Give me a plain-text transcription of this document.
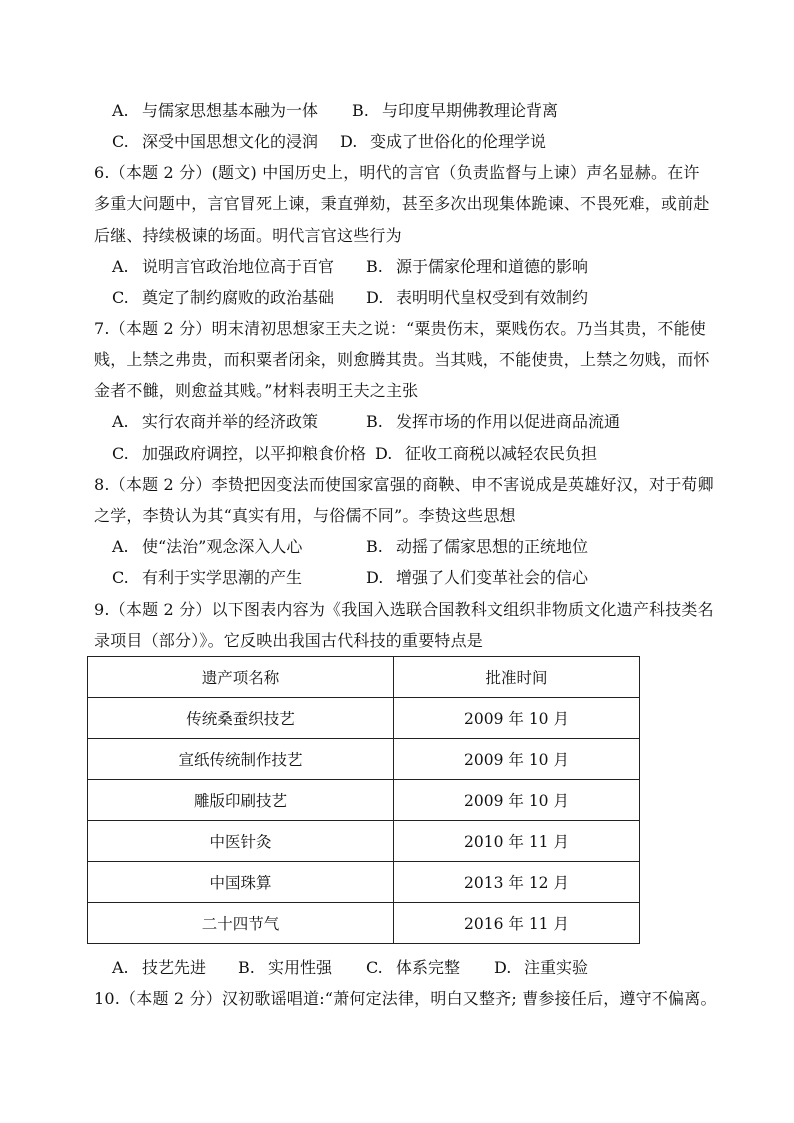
A. 与儒家思想基本融为一体 B. 与印度早期佛教理论背离
C. 深受中国思想文化的浸润 D. 变成了世俗化的伦理学说
6.（本题 2 分）(题文) 中国历史上，明代的言官（负责监督与上谏）声名显赫。在许
多重大问题中，言官冒死上谏，秉直弹劾，甚至多次出现集体跪谏、不畏死难，或前赴
后继、持续极谏的场面。明代言官这些行为
A. 说明言官政治地位高于百官 B. 源于儒家伦理和道德的影响
C. 奠定了制约腐败的政治基础 D. 表明明代皇权受到有效制约
7.（本题 2 分）明末清初思想家王夫之说：“粟贵伤末，粟贱伤农。乃当其贵，不能使
贱，上禁之弗贵，而积粟者闭籴，则愈腾其贵。当其贱，不能使贵，上禁之勿贱，而怀
金者不雠，则愈益其贱。”材料表明王夫之主张
A. 实行农商并举的经济政策	B. 发挥市场的作用以促进商品流通
C. 加强政府调控，以平抑粮食价格 D. 征收工商税以减轻农民负担
8.（本题 2 分）李贽把因变法而使国家富强的商鞅、申不害说成是英雄好汉，对于荀卿
之学，李贽认为其“真实有用，与俗儒不同”。李贽这些思想
A. 使“法治”观念深入人心	B. 动摇了儒家思想的正统地位
C. 有利于实学思潮的产生	D. 增强了人们变革社会的信心
9.（本题 2 分）以下图表内容为《我国入选联合国教科文组织非物质文化遗产科技类名
录项目（部分）》。它反映出我国古代科技的重要特点是
遗产项名称	批准时间
传统桑蚕织技艺	2009 年 10 月
宣纸传统制作技艺	2009 年 10 月
雕版印刷技艺	2009 年 10 月
中医针灸	2010 年 11 月
中国珠算	2013 年 12 月
二十四节气	2016 年 11 月
A. 技艺先进 B. 实用性强 C. 体系完整 D. 注重实验
10.（本题 2 分）汉初歌谣唱道:“萧何定法律，明白又整齐; 曹参接任后，遵守不偏离。
